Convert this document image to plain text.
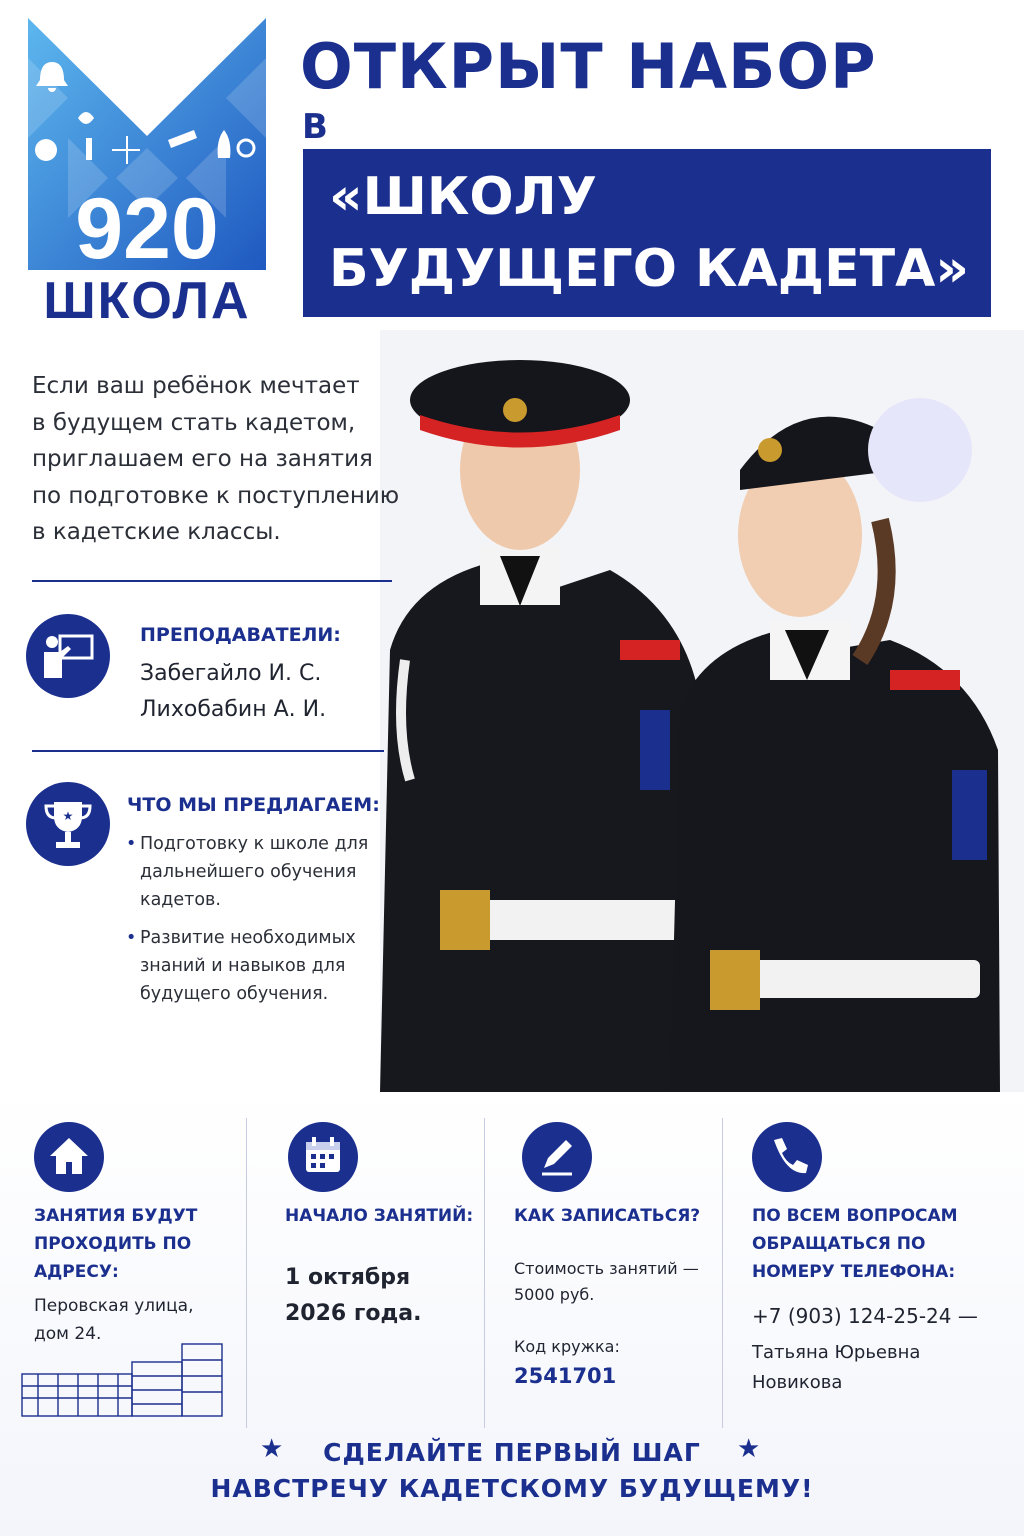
920
ШКОЛА
ОТКРЫТ НАБОР
В
«ШКОЛУ
БУДУЩЕГО КАДЕТА»
Если ваш ребёнок мечтает
в будущем стать кадетом,
приглашаем его на занятия
по подготовке к поступлению
в кадетские классы.
ПРЕПОДАВАТЕЛИ:
Забегайло И. С.
Лихобабин А. И.
★	ЧТО МЫ ПРЕДЛАГАЕМ:
• Подготовку к школе для дальнейшего обучения кадетов.
• Развитие необходимых знаний и навыков для будущего обучения.
ЗАНЯТИЯ БУДУТ ПРОХОДИТЬ ПО АДРЕСУ:
Перовская улица, дом 24.
НАЧАЛО ЗАНЯТИЙ:
1 октября 2026 года.
КАК ЗАПИСАТЬСЯ?
Стоимость занятий — 5000 руб.
Код кружка:
2541701
ПО ВСЕМ ВОПРОСАМ ОБРАЩАТЬСЯ ПО НОМЕРУ ТЕЛЕФОНА:
+7 (903) 124-25-24 —
Татьяна Юрьевна Новикова
★	★
СДЕЛАЙТЕ ПЕРВЫЙ ШАГ
НАВСТРЕЧУ КАДЕТСКОМУ БУДУЩЕМУ!
